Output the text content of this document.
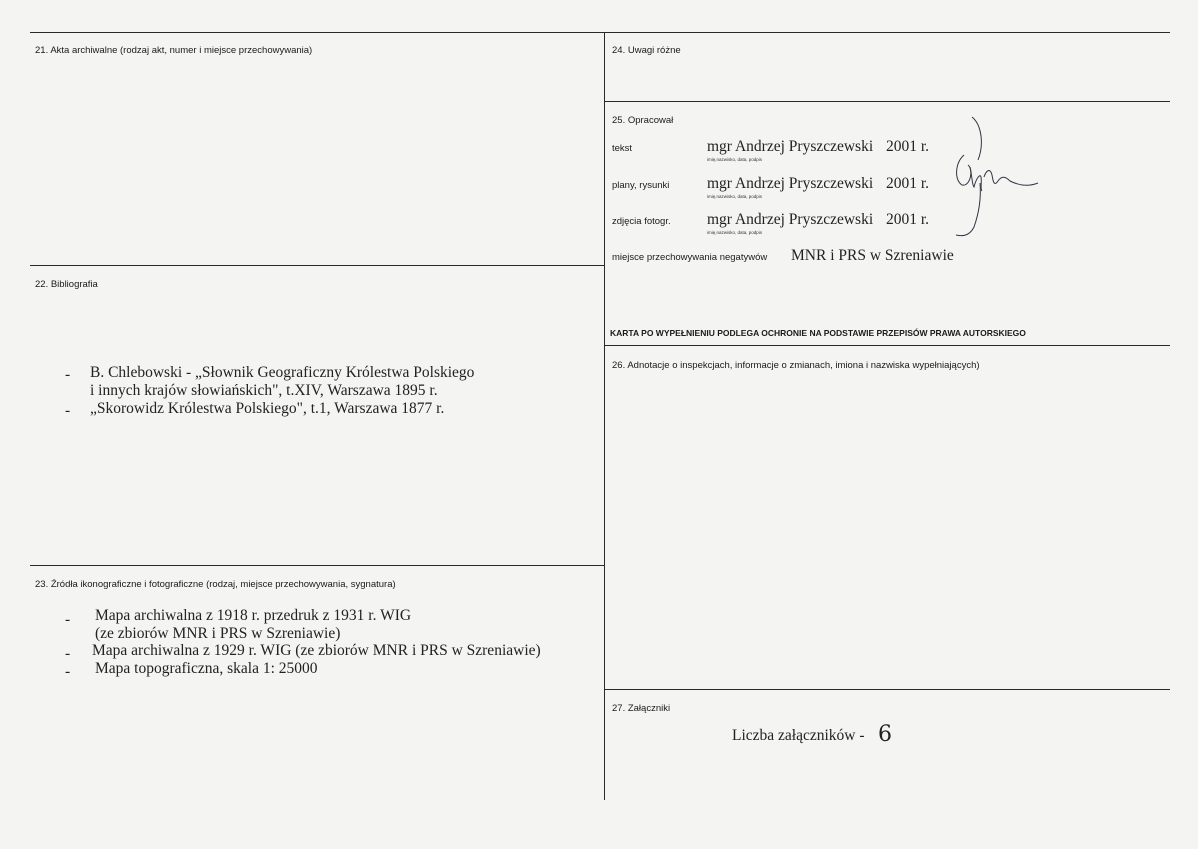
21. Akta archiwalne (rodzaj akt, numer i miejsce przechowywania)
22. Bibliografia
- B. Chlebowski - „Słownik Geograficzny Królestwa Polskiego
i innych krajów słowiańskich", t.XIV, Warszawa 1895 r.
- „Skorowidz Królestwa Polskiego", t.1, Warszawa 1877 r.
23. Źródła ikonograficzne i fotograficzne (rodzaj, miejsce przechowywania, sygnatura)
- Mapa archiwalna z 1918 r. przedruk z 1931 r. WIG
(ze zbiorów MNR i PRS w Szreniawie)
- Mapa archiwalna z 1929 r. WIG (ze zbiorów MNR i PRS w Szreniawie)
- Mapa topograficzna, skala 1: 25000
24. Uwagi różne
25. Opracował
tekst	mgr Andrzej Pryszczewski 2001 r.
imię,nazwisko, data, podpis
plany, rysunki mgr Andrzej Pryszczewski 2001 r.
imię,nazwisko, data, podpis
zdjęcia fotogr. mgr Andrzej Pryszczewski 2001 r.
imię,nazwisko, data, podpis
miejsce przechowywania negatywów MNR i PRS w Szreniawie
KARTA PO WYPEŁNIENIU PODLEGA OCHRONIE NA PODSTAWIE PRZEPISÓW PRAWA AUTORSKIEGO
26. Adnotacje o inspekcjach, informacje o zmianach, imiona i nazwiska wypełniających)
27. Załączniki
Liczba załączników - 6
